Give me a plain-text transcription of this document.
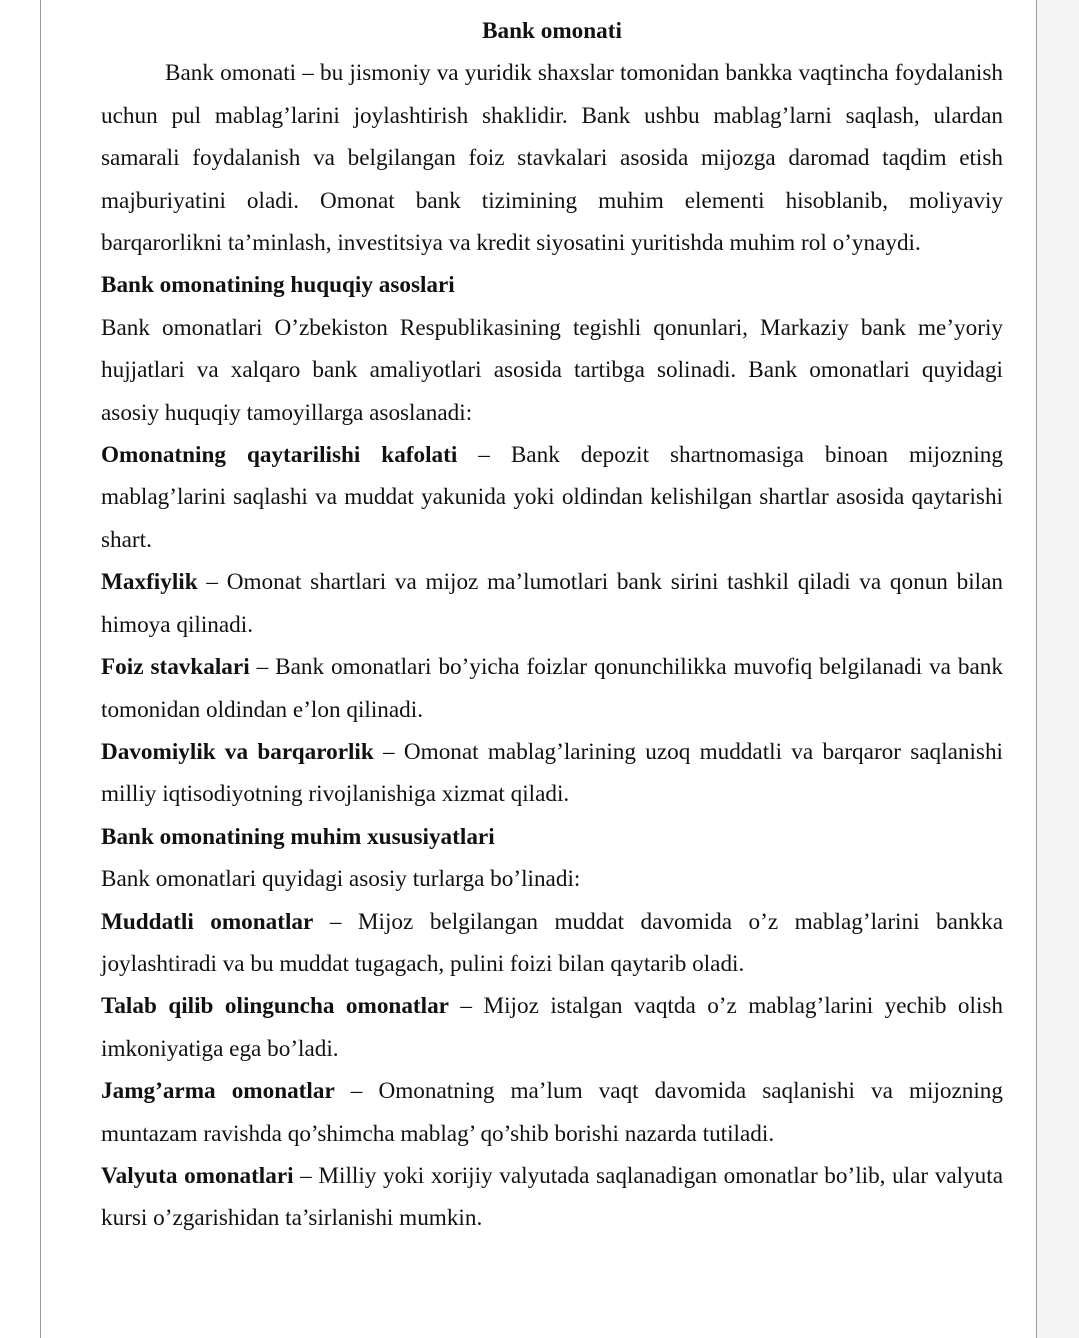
Bank omonati

Bank omonati – bu jismoniy va yuridik shaxslar tomonidan bankka vaqtincha foydalanish uchun pul mablag’larini joylashtirish shaklidir. Bank ushbu mablag’larni saqlash, ulardan samarali foydalanish va belgilangan foiz stavkalari asosida mijozga daromad taqdim etish majburiyatini oladi. Omonat bank tizimining muhim elementi hisoblanib, moliyaviy barqarorlikni ta’minlash, investitsiya va kredit siyosatini yuritishda muhim rol o’ynaydi.

Bank omonatining huquqiy asoslari

Bank omonatlari O’zbekiston Respublikasining tegishli qonunlari, Markaziy bank me’yoriy hujjatlari va xalqaro bank amaliyotlari asosida tartibga solinadi. Bank omonatlari quyidagi asosiy huquqiy tamoyillarga asoslanadi:

Omonatning qaytarilishi kafolati – Bank depozit shartnomasiga binoan mijozning mablag’larini saqlashi va muddat yakunida yoki oldindan kelishilgan shartlar asosida qaytarishi shart.

Maxfiylik – Omonat shartlari va mijoz ma’lumotlari bank sirini tashkil qiladi va qonun bilan himoya qilinadi.

Foiz stavkalari – Bank omonatlari bo’yicha foizlar qonunchilikka muvofiq belgilanadi va bank tomonidan oldindan e’lon qilinadi.

Davomiylik va barqarorlik – Omonat mablag’larining uzoq muddatli va barqaror saqlanishi milliy iqtisodiyotning rivojlanishiga xizmat qiladi.

Bank omonatining muhim xususiyatlari

Bank omonatlari quyidagi asosiy turlarga bo’linadi:

Muddatli omonatlar – Mijoz belgilangan muddat davomida o’z mablag’larini bankka joylashtiradi va bu muddat tugagach, pulini foizi bilan qaytarib oladi.

Talab qilib olinguncha omonatlar – Mijoz istalgan vaqtda o’z mablag’larini yechib olish imkoniyatiga ega bo’ladi.

Jamg’arma omonatlar – Omonatning ma’lum vaqt davomida saqlanishi va mijozning muntazam ravishda qo’shimcha mablag’ qo’shib borishi nazarda tutiladi.

Valyuta omonatlari – Milliy yoki xorijiy valyutada saqlanadigan omonatlar bo’lib, ular valyuta kursi o’zgarishidan ta’sirlanishi mumkin.
